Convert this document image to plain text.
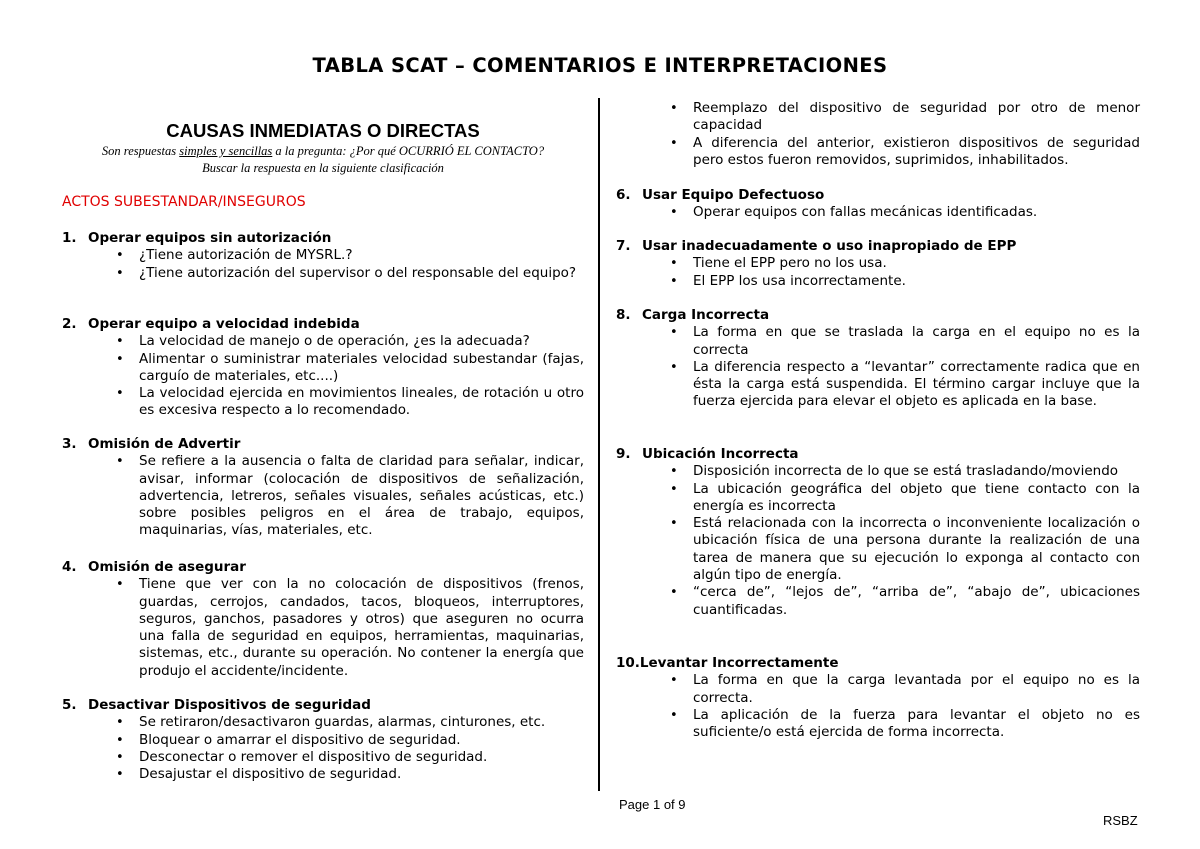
TABLA SCAT – COMENTARIOS E INTERPRETACIONES
CAUSAS INMEDIATAS O DIRECTAS
Son respuestas simples y sencillas a la pregunta: ¿Por qué OCURRIÓ EL CONTACTO?
Buscar la respuesta en la siguiente clasificación
ACTOS SUBESTANDAR/INSEGUROS
1. Operar equipos sin autorización
• ¿Tiene autorización de MYSRL.?
• ¿Tiene autorización del supervisor o del responsable del equipo?
2. Operar equipo a velocidad indebida
• La velocidad de manejo o de operación, ¿es la adecuada?
• Alimentar o suministrar materiales velocidad subestandar (fajas, carguío de materiales, etc....)
• La velocidad ejercida en movimientos lineales, de rotación u otro es excesiva respecto a lo recomendado.
3. Omisión de Advertir
• Se refiere a la ausencia o falta de claridad para señalar, indicar, avisar, informar (colocación de dispositivos de señalización, advertencia, letreros, señales visuales, señales acústicas, etc.) sobre posibles peligros en el área de trabajo, equipos, maquinarias, vías, materiales, etc.
4. Omisión de asegurar
• Tiene que ver con la no colocación de dispositivos (frenos, guardas, cerrojos, candados, tacos, bloqueos, interruptores, seguros, ganchos, pasadores y otros) que aseguren no ocurra una falla de seguridad en equipos, herramientas, maquinarias, sistemas, etc., durante su operación. No contener la energía que produjo el accidente/incidente.
5. Desactivar Dispositivos de seguridad
• Se retiraron/desactivaron guardas, alarmas, cinturones, etc.
• Bloquear o amarrar el dispositivo de seguridad.
• Desconectar o remover el dispositivo de seguridad.
• Desajustar el dispositivo de seguridad.
• Reemplazo del dispositivo de seguridad por otro de menor capacidad
• A diferencia del anterior, existieron dispositivos de seguridad pero estos fueron removidos, suprimidos, inhabilitados.
6. Usar Equipo Defectuoso
• Operar equipos con fallas mecánicas identificadas.
7. Usar inadecuadamente o uso inapropiado de EPP
• Tiene el EPP pero no los usa.
• El EPP los usa incorrectamente.
8. Carga Incorrecta
• La forma en que se traslada la carga en el equipo no es la correcta
• La diferencia respecto a “levantar” correctamente radica que en ésta la carga está suspendida. El término cargar incluye que la fuerza ejercida para elevar el objeto es aplicada en la base.
9. Ubicación Incorrecta
• Disposición incorrecta de lo que se está trasladando/moviendo
• La ubicación geográfica del objeto que tiene contacto con la energía es incorrecta
• Está relacionada con la incorrecta o inconveniente localización o ubicación física de una persona durante la realización de una tarea de manera que su ejecución lo exponga al contacto con algún tipo de energía.
• “cerca de”, “lejos de”, “arriba de”, “abajo de”, ubicaciones cuantificadas.
10.Levantar Incorrectamente
• La forma en que la carga levantada por el equipo no es la correcta.
• La aplicación de la fuerza para levantar el objeto no es suficiente/o está ejercida de forma incorrecta.
Page 1 of 9
RSBZ
